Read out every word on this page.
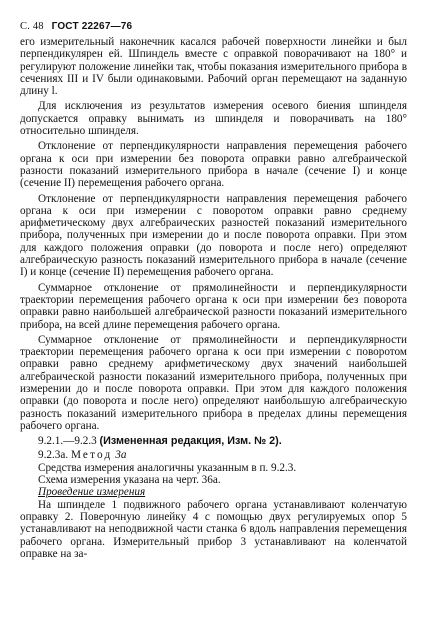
С. 48 ГОСТ 22267—76

его измерительный наконечник касался рабочей поверхности линейки и был перпендикулярен ей. Шпиндель вместе с оправкой поворачивают на 180° и регулируют положение линейки так, чтобы показания измерительного прибора в сечениях III и IV были одинаковыми. Рабочий орган перемещают на заданную длину l.

Для исключения из результатов измерения осевого биения шпинделя допускается оправку вынимать из шпинделя и поворачивать на 180° относительно шпинделя.

Отклонение от перпендикулярности направления перемещения рабочего органа к оси при измерении без поворота оправки равно алгебраической разности показаний измерительного прибора в начале (сечение I) и конце (сечение II) перемещения рабочего органа.

Отклонение от перпендикулярности направления перемещения рабочего органа к оси при измерении с поворотом оправки равно среднему арифметическому двух алгебраических разностей показаний измерительного прибора, полученных при измерении до и после поворота оправки. При этом для каждого положения оправки (до поворота и после него) определяют алгебраическую разность показаний измерительного прибора в начале (сечение I) и конце (сечение II) перемещения рабочего органа.

Суммарное отклонение от прямолинейности и перпендикулярности траектории перемещения рабочего органа к оси при измерении без поворота оправки равно наибольшей алгебраической разности показаний измерительного прибора, на всей длине перемещения рабочего органа.

Суммарное отклонение от прямолинейности и перпендикулярности траектории перемещения рабочего органа к оси при измерении с поворотом оправки равно среднему арифметическому двух значений наибольшей алгебраической разности показаний измерительного прибора, полученных при измерении до и после поворота оправки. При этом для каждого положения оправки (до поворота и после него) определяют наибольшую алгебраическую разность показаний измерительного прибора в пределах длины перемещения рабочего органа.

9.2.1.—9.2.3 (Измененная редакция, Изм. № 2).

9.2.3а. Метод 3а

Средства измерения аналогичны указанным в п. 9.2.3.

Схема измерения указана на черт. 36а.

Проведение измерения

На шпинделе 1 подвижного рабочего органа устанавливают коленчатую оправку 2. Поверочную линейку 4 с помощью двух регулируемых опор 5 устанавливают на неподвижной части станка 6 вдоль направления перемещения рабочего органа. Измерительный прибор 3 устанавливают на коленчатой оправке на за-
